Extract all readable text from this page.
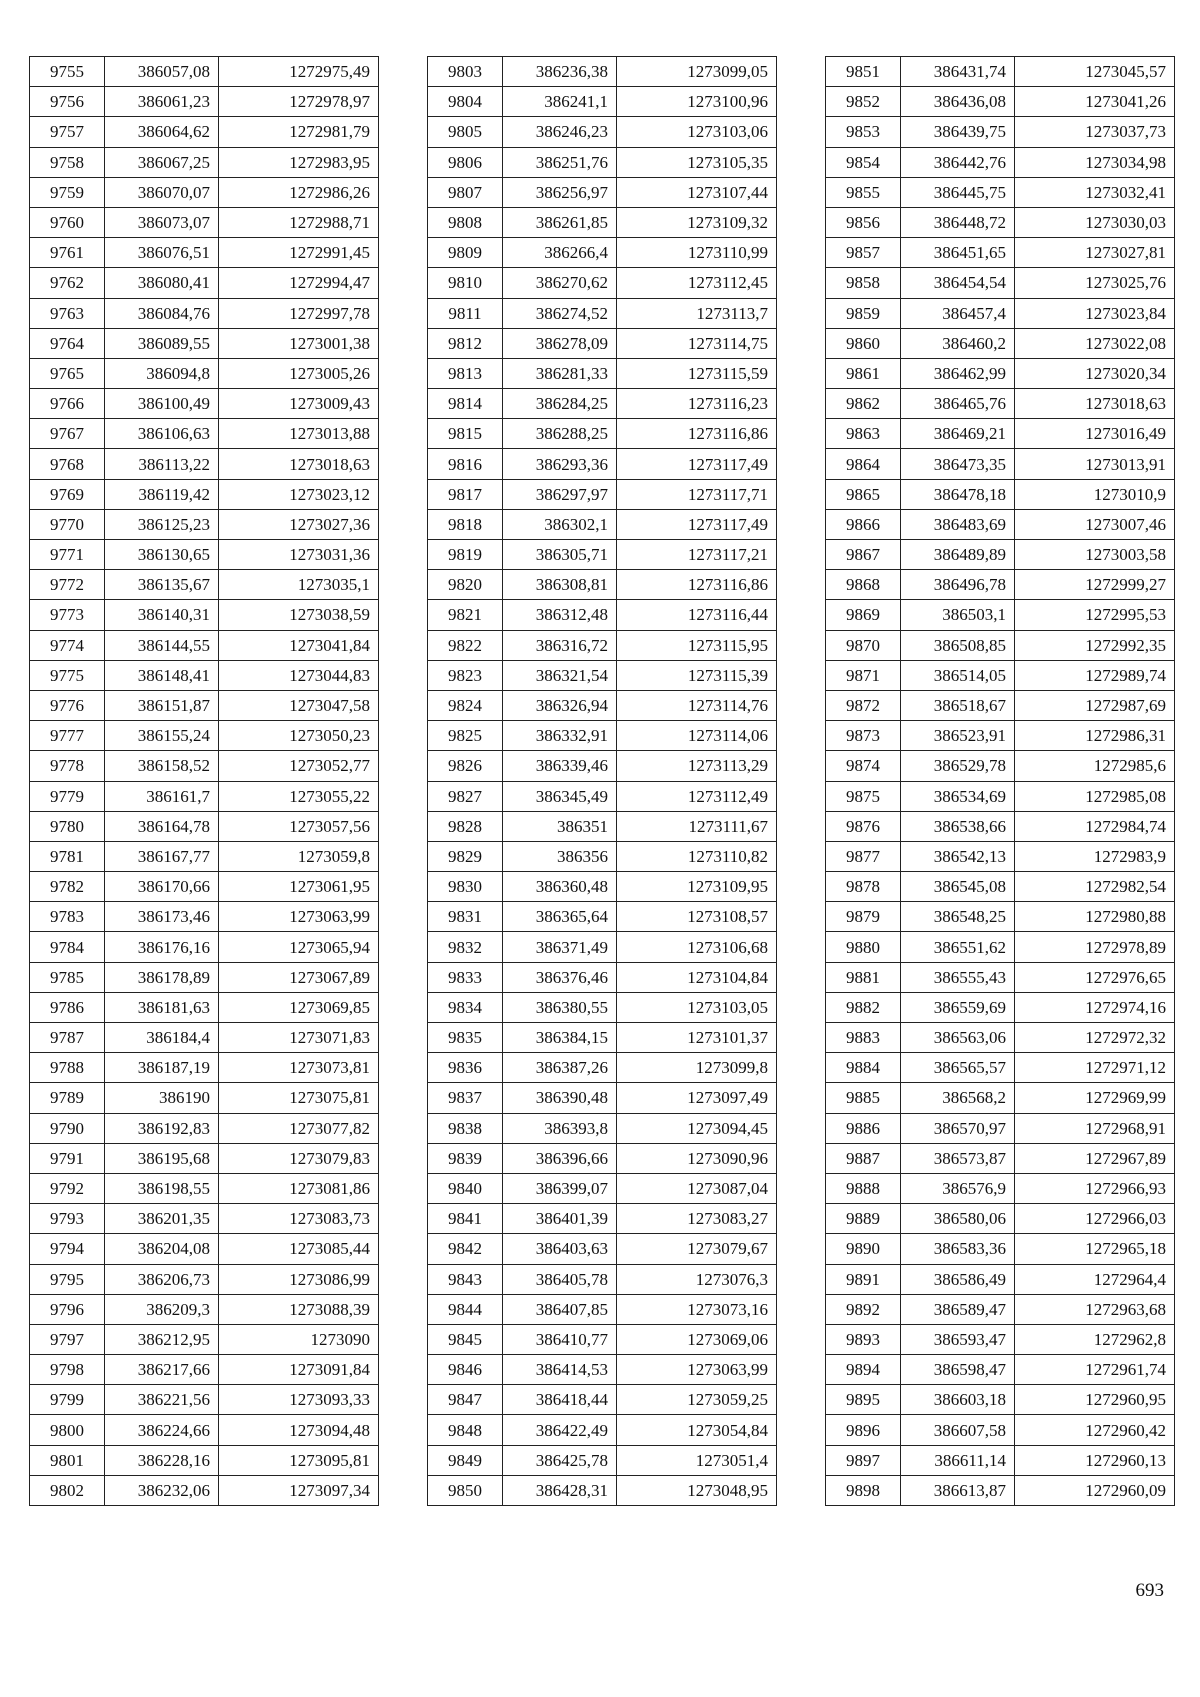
9755	386057,08	1272975,49
9756	386061,23	1272978,97
9757	386064,62	1272981,79
9758	386067,25	1272983,95
9759	386070,07	1272986,26
9760	386073,07	1272988,71
9761	386076,51	1272991,45
9762	386080,41	1272994,47
9763	386084,76	1272997,78
9764	386089,55	1273001,38
9765	386094,8	1273005,26
9766	386100,49	1273009,43
9767	386106,63	1273013,88
9768	386113,22	1273018,63
9769	386119,42	1273023,12
9770	386125,23	1273027,36
9771	386130,65	1273031,36
9772	386135,67	1273035,1
9773	386140,31	1273038,59
9774	386144,55	1273041,84
9775	386148,41	1273044,83
9776	386151,87	1273047,58
9777	386155,24	1273050,23
9778	386158,52	1273052,77
9779	386161,7	1273055,22
9780	386164,78	1273057,56
9781	386167,77	1273059,8
9782	386170,66	1273061,95
9783	386173,46	1273063,99
9784	386176,16	1273065,94
9785	386178,89	1273067,89
9786	386181,63	1273069,85
9787	386184,4	1273071,83
9788	386187,19	1273073,81
9789	386190	1273075,81
9790	386192,83	1273077,82
9791	386195,68	1273079,83
9792	386198,55	1273081,86
9793	386201,35	1273083,73
9794	386204,08	1273085,44
9795	386206,73	1273086,99
9796	386209,3	1273088,39
9797	386212,95	1273090
9798	386217,66	1273091,84
9799	386221,56	1273093,33
9800	386224,66	1273094,48
9801	386228,16	1273095,81
9802	386232,06	1273097,34
9803	386236,38	1273099,05
9804	386241,1	1273100,96
9805	386246,23	1273103,06
9806	386251,76	1273105,35
9807	386256,97	1273107,44
9808	386261,85	1273109,32
9809	386266,4	1273110,99
9810	386270,62	1273112,45
9811	386274,52	1273113,7
9812	386278,09	1273114,75
9813	386281,33	1273115,59
9814	386284,25	1273116,23
9815	386288,25	1273116,86
9816	386293,36	1273117,49
9817	386297,97	1273117,71
9818	386302,1	1273117,49
9819	386305,71	1273117,21
9820	386308,81	1273116,86
9821	386312,48	1273116,44
9822	386316,72	1273115,95
9823	386321,54	1273115,39
9824	386326,94	1273114,76
9825	386332,91	1273114,06
9826	386339,46	1273113,29
9827	386345,49	1273112,49
9828	386351	1273111,67
9829	386356	1273110,82
9830	386360,48	1273109,95
9831	386365,64	1273108,57
9832	386371,49	1273106,68
9833	386376,46	1273104,84
9834	386380,55	1273103,05
9835	386384,15	1273101,37
9836	386387,26	1273099,8
9837	386390,48	1273097,49
9838	386393,8	1273094,45
9839	386396,66	1273090,96
9840	386399,07	1273087,04
9841	386401,39	1273083,27
9842	386403,63	1273079,67
9843	386405,78	1273076,3
9844	386407,85	1273073,16
9845	386410,77	1273069,06
9846	386414,53	1273063,99
9847	386418,44	1273059,25
9848	386422,49	1273054,84
9849	386425,78	1273051,4
9850	386428,31	1273048,95
9851	386431,74	1273045,57
9852	386436,08	1273041,26
9853	386439,75	1273037,73
9854	386442,76	1273034,98
9855	386445,75	1273032,41
9856	386448,72	1273030,03
9857	386451,65	1273027,81
9858	386454,54	1273025,76
9859	386457,4	1273023,84
9860	386460,2	1273022,08
9861	386462,99	1273020,34
9862	386465,76	1273018,63
9863	386469,21	1273016,49
9864	386473,35	1273013,91
9865	386478,18	1273010,9
9866	386483,69	1273007,46
9867	386489,89	1273003,58
9868	386496,78	1272999,27
9869	386503,1	1272995,53
9870	386508,85	1272992,35
9871	386514,05	1272989,74
9872	386518,67	1272987,69
9873	386523,91	1272986,31
9874	386529,78	1272985,6
9875	386534,69	1272985,08
9876	386538,66	1272984,74
9877	386542,13	1272983,9
9878	386545,08	1272982,54
9879	386548,25	1272980,88
9880	386551,62	1272978,89
9881	386555,43	1272976,65
9882	386559,69	1272974,16
9883	386563,06	1272972,32
9884	386565,57	1272971,12
9885	386568,2	1272969,99
9886	386570,97	1272968,91
9887	386573,87	1272967,89
9888	386576,9	1272966,93
9889	386580,06	1272966,03
9890	386583,36	1272965,18
9891	386586,49	1272964,4
9892	386589,47	1272963,68
9893	386593,47	1272962,8
9894	386598,47	1272961,74
9895	386603,18	1272960,95
9896	386607,58	1272960,42
9897	386611,14	1272960,13
9898	386613,87	1272960,09
693
